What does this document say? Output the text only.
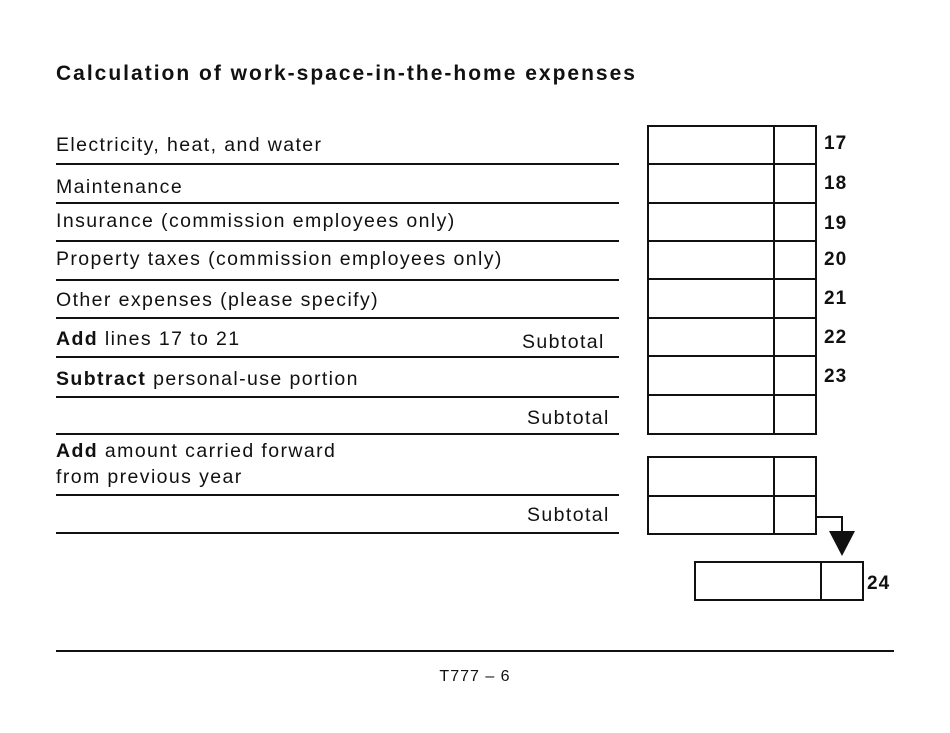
Calculation of work-space-in-the-home expenses
Electricity, heat, and water
Maintenance
Insurance (commission employees only)
Property taxes (commission employees only)
Other expenses (please specify)
Add lines 17 to 21	Subtotal
Subtract personal-use portion
Subtotal
Add amount carried forward
from previous year
Subtotal
17
18
19
20
21
22
23
24
T777 – 6
